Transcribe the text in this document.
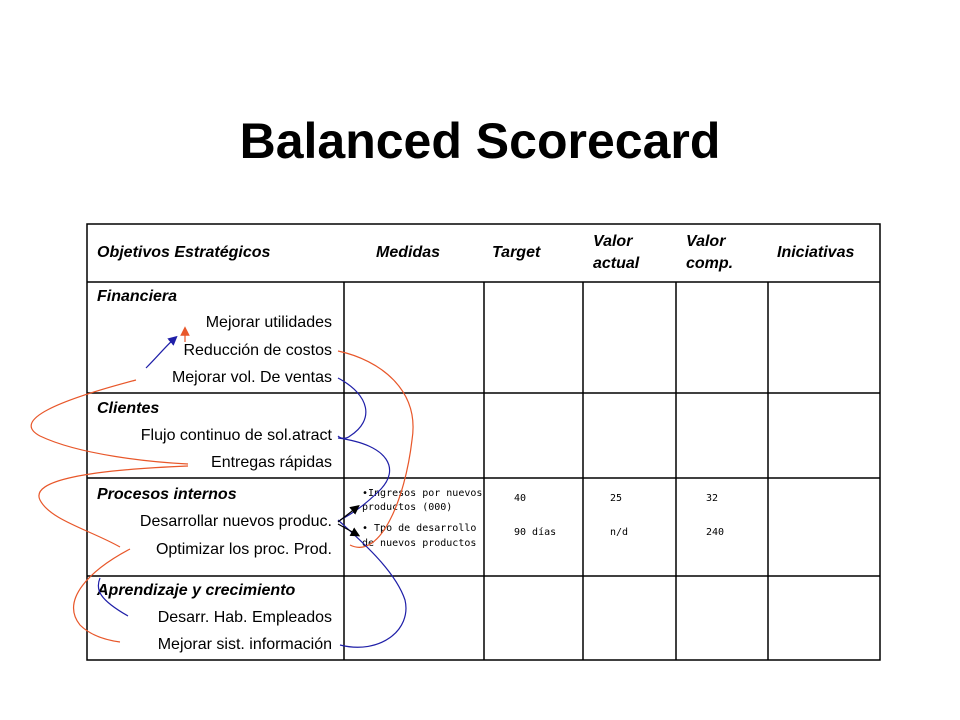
Balanced Scorecard
Objetivos Estratégicos	Medidas	Target
Valor
actual
Valor
comp.
Iniciativas
Financiera
Mejorar utilidades
Reducción de costos
Mejorar vol. De ventas
Clientes
Flujo continuo de sol.atract
Entregas rápidas
Procesos internos
Desarrollar nuevos produc.
Optimizar los proc. Prod.
•Ingresos por nuevos
productos (000)
• Tpo de desarrollo
de nuevos productos
40
90 días
25
n/d
32
240
Aprendizaje y crecimiento
Desarr. Hab. Empleados
Mejorar sist. información
